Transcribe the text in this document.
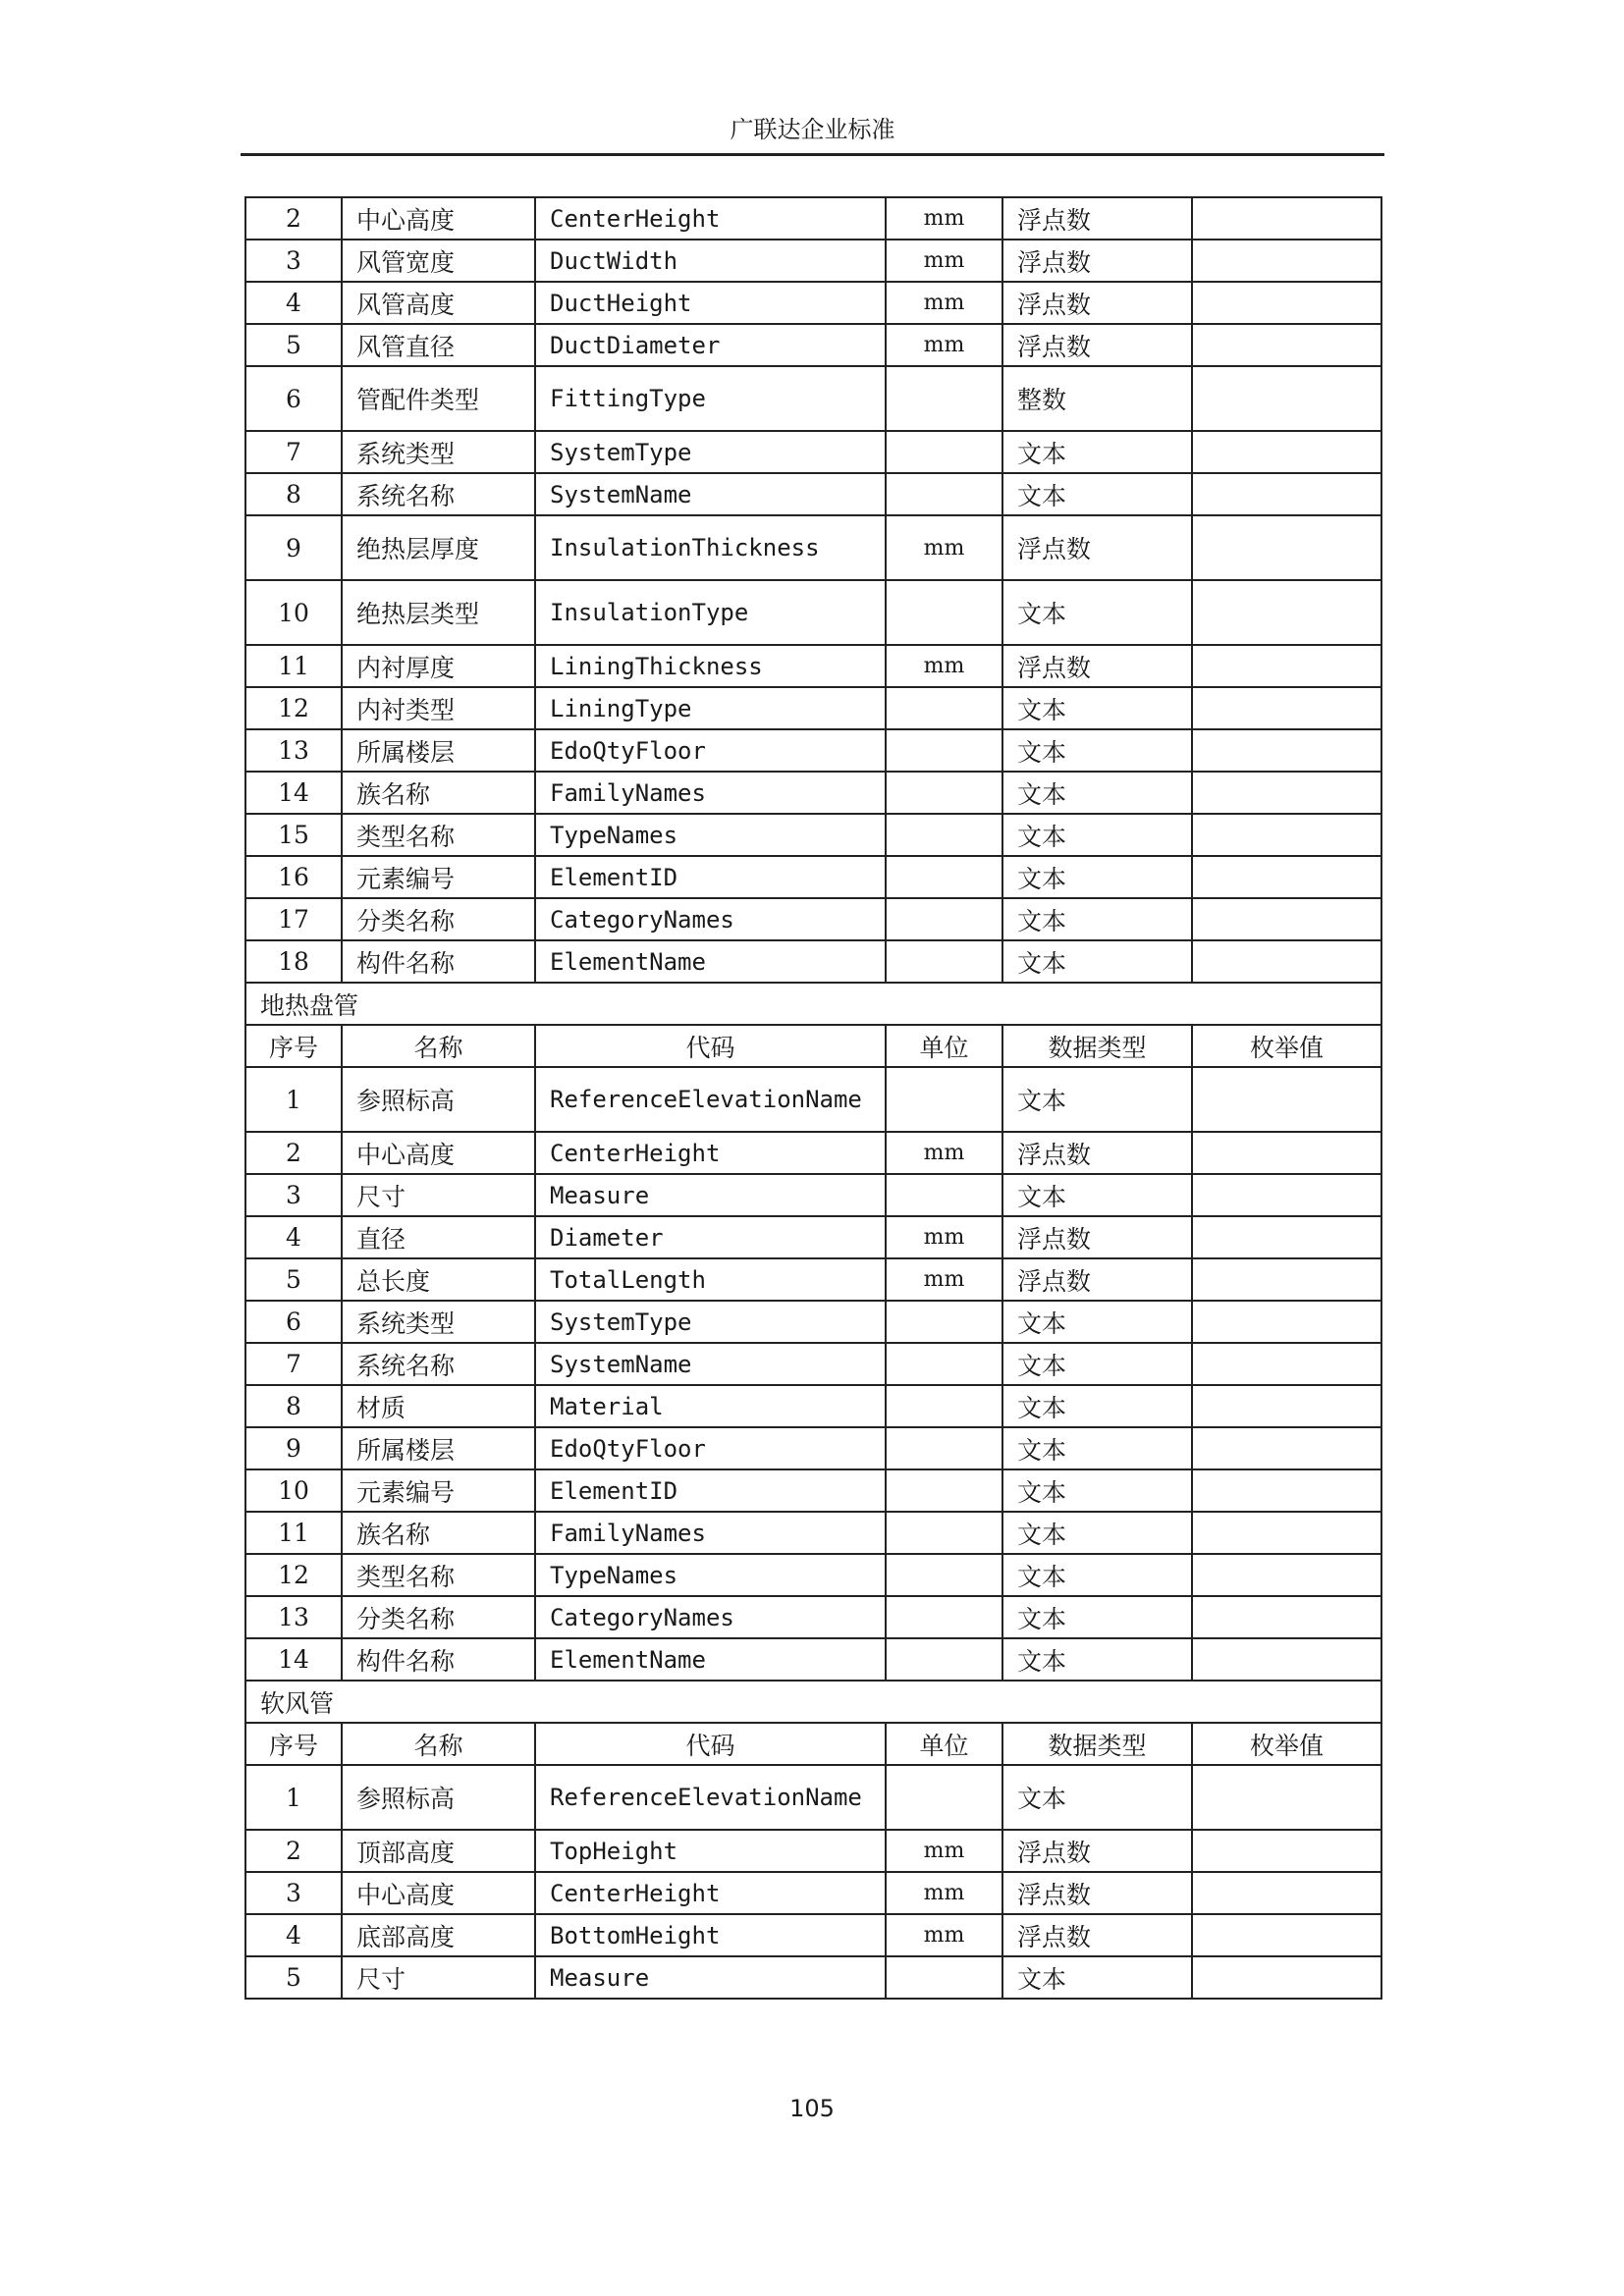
广联达企业标准
2	中心高度	CenterHeight	mm	浮点数	
3	风管宽度	DuctWidth	mm	浮点数	
4	风管高度	DuctHeight	mm	浮点数	
5	风管直径	DuctDiameter	mm	浮点数	
6	管配件类型	FittingType		整数	
7	系统类型	SystemType		文本	
8	系统名称	SystemName		文本	
9	绝热层厚度	InsulationThickness	mm	浮点数	
10	绝热层类型	InsulationType		文本	
11	内衬厚度	LiningThickness	mm	浮点数	
12	内衬类型	LiningType		文本	
13	所属楼层	EdoQtyFloor		文本	
14	族名称	FamilyNames		文本	
15	类型名称	TypeNames		文本	
16	元素编号	ElementID		文本	
17	分类名称	CategoryNames		文本	
18	构件名称	ElementName		文本	
地热盘管					
序号	名称	代码	单位	数据类型	枚举值
1	参照标高	ReferenceElevationName		文本	
2	中心高度	CenterHeight	mm	浮点数	
3	尺寸	Measure		文本	
4	直径	Diameter	mm	浮点数	
5	总长度	TotalLength	mm	浮点数	
6	系统类型	SystemType		文本	
7	系统名称	SystemName		文本	
8	材质	Material		文本	
9	所属楼层	EdoQtyFloor		文本	
10	元素编号	ElementID		文本	
11	族名称	FamilyNames		文本	
12	类型名称	TypeNames		文本	
13	分类名称	CategoryNames		文本	
14	构件名称	ElementName		文本	
软风管					
序号	名称	代码	单位	数据类型	枚举值
1	参照标高	ReferenceElevationName		文本	
2	顶部高度	TopHeight	mm	浮点数	
3	中心高度	CenterHeight	mm	浮点数	
4	底部高度	BottomHeight	mm	浮点数	
5	尺寸	Measure		文本	
105
